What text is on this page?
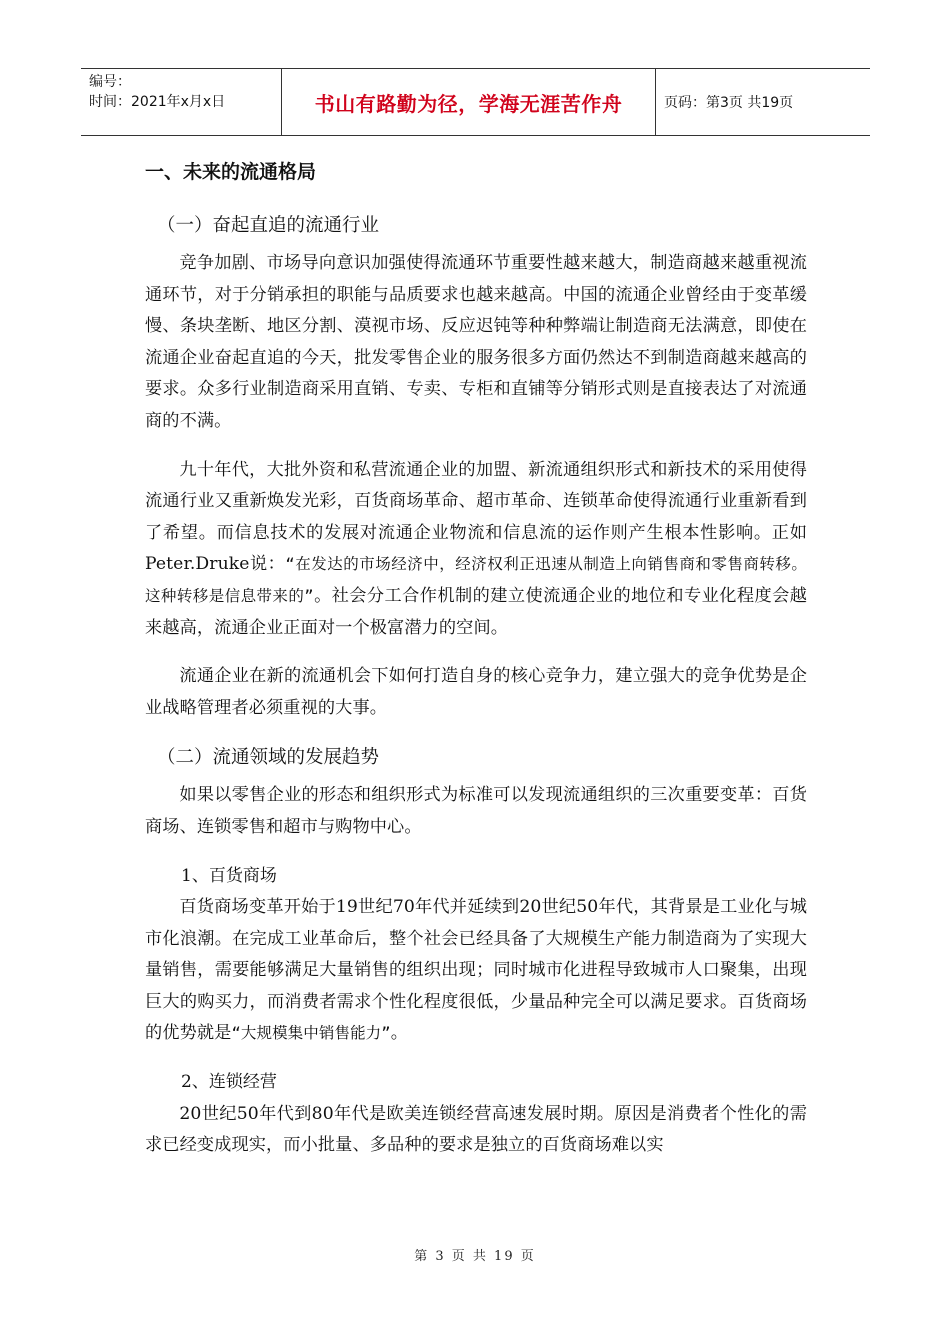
编号：
时间：2021年x月x日	书山有路勤为径，学海无涯苦作舟	页码：第3页 共19页
一、未来的流通格局
（一）奋起直追的流通行业

竞争加剧、市场导向意识加强使得流通环节重要性越来越大，制造商越来越重视流通环节，对于分销承担的职能与品质要求也越来越高。中国的流通企业曾经由于变革缓慢、条块垄断、地区分割、漠视市场、反应迟钝等种种弊端让制造商无法满意，即使在流通企业奋起直追的今天，批发零售企业的服务很多方面仍然达不到制造商越来越高的要求。众多行业制造商采用直销、专卖、专柜和直铺等分销形式则是直接表达了对流通商的不满。

九十年代，大批外资和私营流通企业的加盟、新流通组织形式和新技术的采用使得流通行业又重新焕发光彩，百货商场革命、超市革命、连锁革命使得流通行业重新看到了希望。而信息技术的发展对流通企业物流和信息流的运作则产生根本性影响。正如Peter.Druke说：“在发达的市场经济中，经济权利正迅速从制造上向销售商和零售商转移。这种转移是信息带来的”。社会分工合作机制的建立使流通企业的地位和专业化程度会越来越高，流通企业正面对一个极富潜力的空间。

流通企业在新的流通机会下如何打造自身的核心竞争力，建立强大的竞争优势是企业战略管理者必须重视的大事。

（二）流通领域的发展趋势

如果以零售企业的形态和组织形式为标准可以发现流通组织的三次重要变革：百货商场、连锁零售和超市与购物中心。

1、百货商场

百货商场变革开始于19世纪70年代并延续到20世纪50年代，其背景是工业化与城市化浪潮。在完成工业革命后，整个社会已经具备了大规模生产能力制造商为了实现大量销售，需要能够满足大量销售的组织出现；同时城市化进程导致城市人口聚集，出现巨大的购买力，而消费者需求个性化程度很低，少量品种完全可以满足要求。百货商场的优势就是“大规模集中销售能力”。

2、连锁经营

20世纪50年代到80年代是欧美连锁经营高速发展时期。原因是消费者个性化的需求已经变成现实，而小批量、多品种的要求是独立的百货商场难以实

第 3 页 共 19 页
